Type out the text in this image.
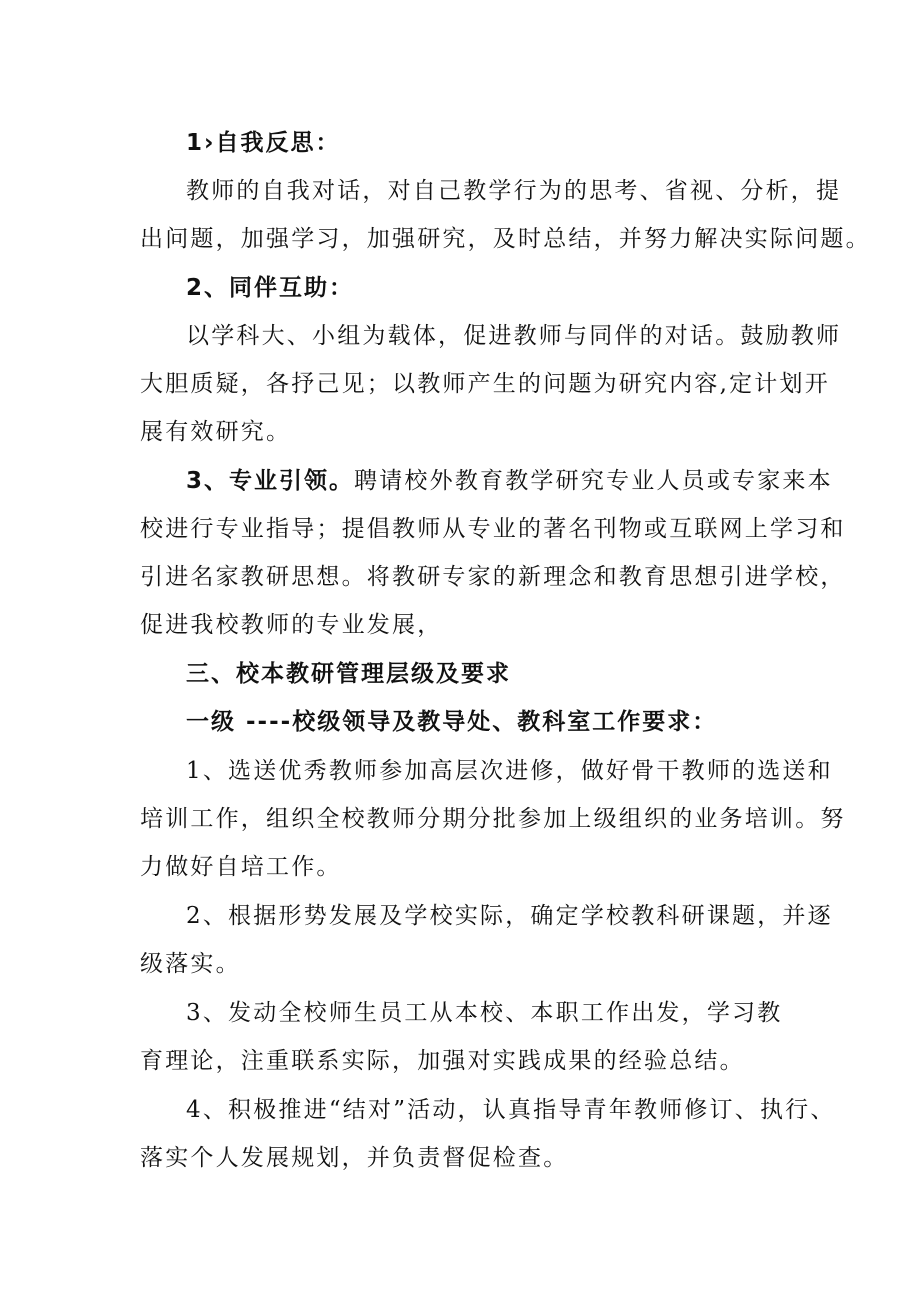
1›自我反思：
教师的自我对话，对自己教学行为的思考、省视、分析，提
出问题，加强学习，加强研究，及时总结，并努力解决实际问题。
2、同伴互助：
以学科大、小组为载体，促进教师与同伴的对话。鼓励教师
大胆质疑，各抒己见；以教师产生的问题为研究内容,定计划开
展有效研究。
3、专业引领。聘请校外教育教学研究专业人员或专家来本
校进行专业指导；提倡教师从专业的著名刊物或互联网上学习和
引进名家教研思想。将教研专家的新理念和教育思想引进学校，
促进我校教师的专业发展，
三、校本教研管理层级及要求
一级 ----校级领导及教导处、教科室工作要求：
1、选送优秀教师参加高层次进修，做好骨干教师的选送和
培训工作，组织全校教师分期分批参加上级组织的业务培训。努
力做好自培工作。
2、根据形势发展及学校实际，确定学校教科研课题，并逐
级落实。
3、发动全校师生员工从本校、本职工作出发，学习教
育理论，注重联系实际，加强对实践成果的经验总结。
4、积极推进“结对”活动，认真指导青年教师修订、执行、
落实个人发展规划，并负责督促检查。
